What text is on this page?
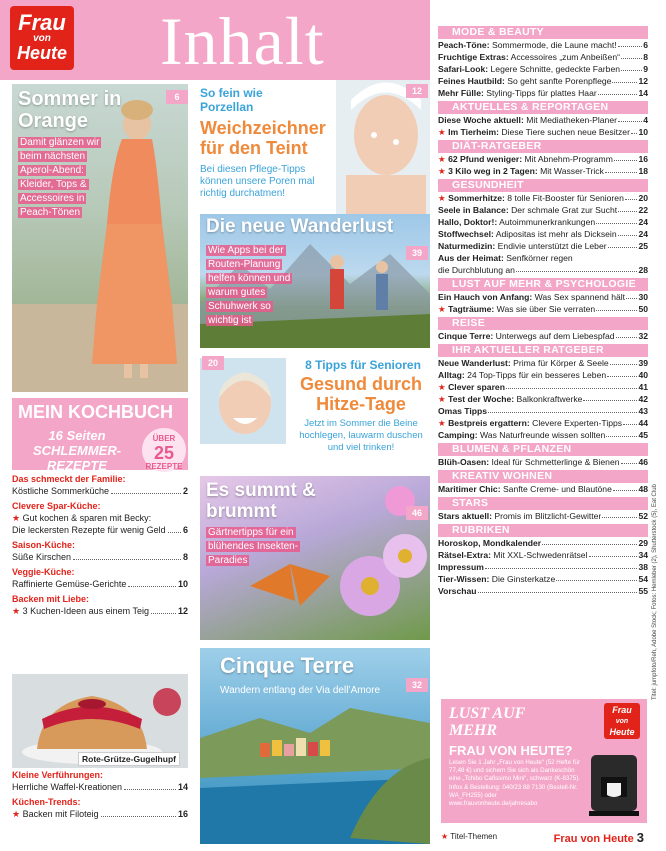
Frau
von
Heute Inhalt
6
Sommer in Orange
Damit glänzen wir beim nächsten Aperol-Abend: Kleider, Tops & Accessoires in Peach-Tönen
12
So fein wie Porzellan
Weichzeichner für den Teint
Bei diesen Pflege-Tipps können unsere Poren mal richtig durchatmen!
39
Die neue Wanderlust
Wie Apps bei der Routen-Planung helfen können und warum gutes Schuhwerk so wichtig ist
20	8 Tipps für Senioren
Gesund durch Hitze-Tage
Jetzt im Sommer die Beine hochlegen, lauwarm duschen und viel trinken!
46
Es summt & brummt
Gärtnertipps für ein blühendes Insekten-Paradies
32
Cinque Terre
Wandern entlang der Via dell’Amore
MEIN KOCHBUCH
16 Seiten SCHLEMMER-REZEPTE
Das schmeckt der Familie:
Köstliche Sommerküche	2
Clevere Spar-Küche:
★ Gut kochen & sparen mit Becky:
Die leckersten Rezepte für wenig Geld 6
Saison-Küche:
Süße Kirschen	8
Veggie-Küche:
Raffinierte Gemüse-Gerichte	10
Backen mit Liebe:
★ 3 Kuchen-Ideen aus einem Teig	12
ÜBER
25
REZEPTE
Rote-Grütze-Gugelhupf
Kleine Verführungen:
Herrliche Waffel-Kreationen	14
Küchen-Trends:
★ Backen mit Filoteig	16
MODE & BEAUTY
Peach-Töne: Sommermode, die Laune macht!	6
Fruchtige Extras: Accessoires „zum Anbeißen“	8
Safari-Look: Legere Schnitte, gedeckte Farben	9
Feines Hautbild: So geht sanfte Porenpflege	12
Mehr Fülle: Styling-Tipps für plattes Haar	14
AKTUELLES & REPORTAGEN
Diese Woche aktuell: Mit Mediatheken-Planer	4
★ Im Tierheim: Diese Tiere suchen neue Besitzer 10
DIÄT-RATGEBER
★ 62 Pfund weniger: Mit Abnehm-Programm	16
★ 3 Kilo weg in 2 Tagen: Mit Wasser-Trick	18
GESUNDHEIT
★ Sommerhitze: 8 tolle Fit-Booster für Senioren 20
Seele in Balance: Der schmale Grat zur Sucht 22
Hallo, Doktor!: Autoimmunerkrankungen	24
Stoffwechsel: Adipositas ist mehr als Dicksein	24
Naturmedizin: Endivie unterstützt die Leber	25
Aus der Heimat: Senfkörner regen
die Durchblutung an	28
LUST AUF MEHR & PSYCHOLOGIE
Ein Hauch von Anfang: Was Sex spannend hält 30
★ Tagträume: Was sie über Sie verraten	50
REISE
Cinque Terre: Unterwegs auf dem Liebespfad	32
IHR AKTUELLER RATGEBER
Neue Wanderlust: Prima für Körper & Seele	39
Alltag: 24 Top-Tipps für ein besseres Leben	40
★ Clever sparen	41
★ Test der Woche: Balkonkraftwerke	42
Omas Tipps	43
★ Bestpreis ergattern: Clevere Experten-Tipps 44
Camping: Was Naturfreunde wissen sollten	45
BLUMEN & PFLANZEN
Blüh-Oasen: Ideal für Schmetterlinge & Bienen 46
KREATIV WOHNEN
Maritimer Chic: Sanfte Creme- und Blautöne	48
STARS
Stars aktuell: Promis im Blitzlicht-Gewitter	52
RUBRIKEN
Horoskop, Mondkalender	29
Rätsel-Extra: Mit XXL-Schwedenrätsel	34
Impressum	38
Tier-Wissen: Die Ginsterkatze	54
Vorschau	55 Titel: jumpfoto/Reh, Adobe Stock; Fotos: Hemleber (2), Shutterstock (5), Eat Club
LUST AUF MEHR
FRAU VON HEUTE?
Lesen Sie 1 Jahr „Frau von Heute“ (52 Hefte für 77,48 €) und sichern Sie sich als Dankeschön eine „Tchibo Cafissimo Mini“, schwarz (K-8375). Infos & Bestellung: 040/23 88 7130 (Bestell-Nr. WA_FH255) oder www.frauvonheute.de/jahresabo
Frau
von
Heute
★ Titel-Themen	Frau von Heute 3
